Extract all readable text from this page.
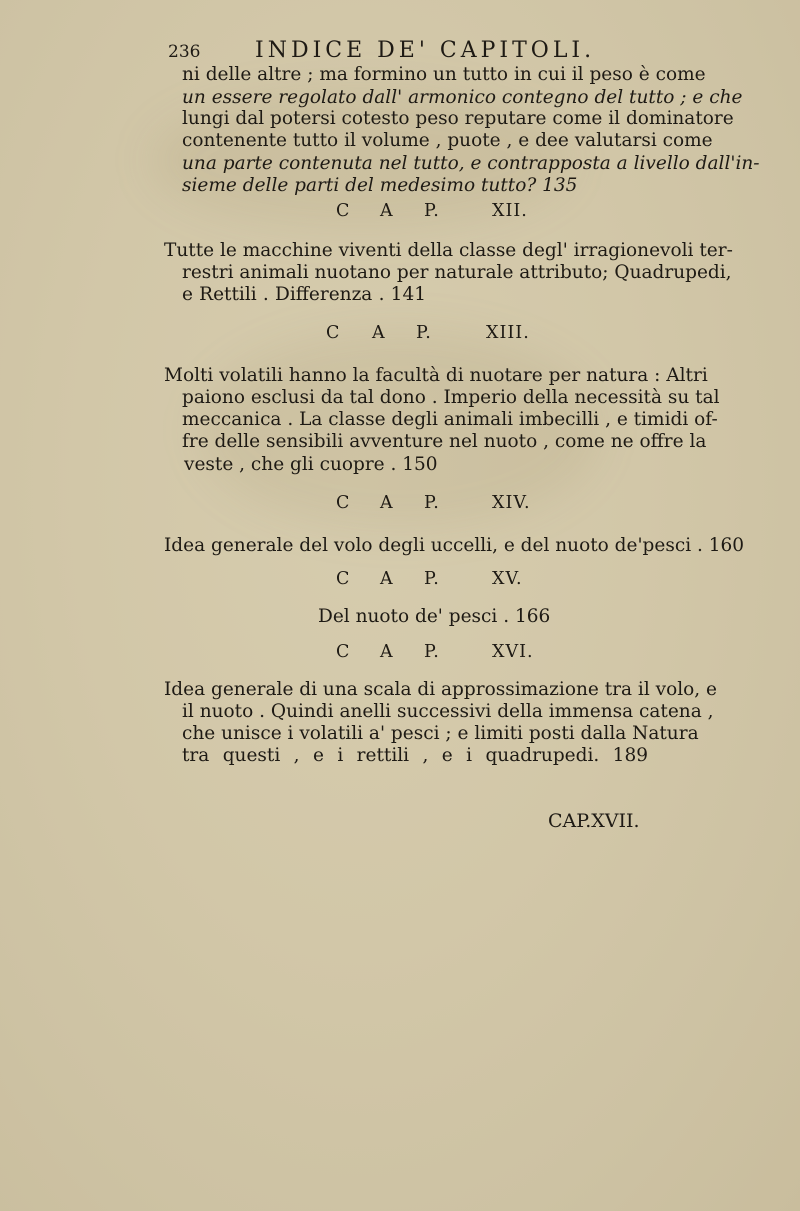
236 INDICE DE' CAPITOLI.
ni delle altre ; ma formino un tutto in cui il peso è come
un essere regolato dall' armonico contegno del tutto ; e che
lungi dal potersi cotesto peso reputare come il dominatore
contenente tutto il volume , puote , e dee valutarsi come
una parte contenuta nel tutto, e contrapposta a livello dall'in-
sieme delle parti del medesimo tutto? 135
C A P.	XII.
Tutte le macchine viventi della classe degl' irragionevoli ter-
restri animali nuotano per naturale attributo; Quadrupedi,
e Rettili . Differenza . 141
C A P.	XIII.
Molti volatili hanno la facultà di nuotare per natura : Altri
paiono esclusi da tal dono . Imperio della necessità su tal
meccanica . La classe degli animali imbecilli , e timidi of-
fre delle sensibili avventure nel nuoto , come ne offre la
veste , che gli cuopre . 150
C A P.	XIV.
Idea generale del volo degli uccelli, e del nuoto de'pesci . 160
C A P.	XV.
Del nuoto de' pesci . 166
C A P.	XVI.
Idea generale di una scala di approssimazione tra il volo, e
il nuoto . Quindi anelli successivi della immensa catena ,
che unisce i volatili a' pesci ; e limiti posti dalla Natura
tra questi , e i rettili , e i quadrupedi. 189
CAP.XVII.
